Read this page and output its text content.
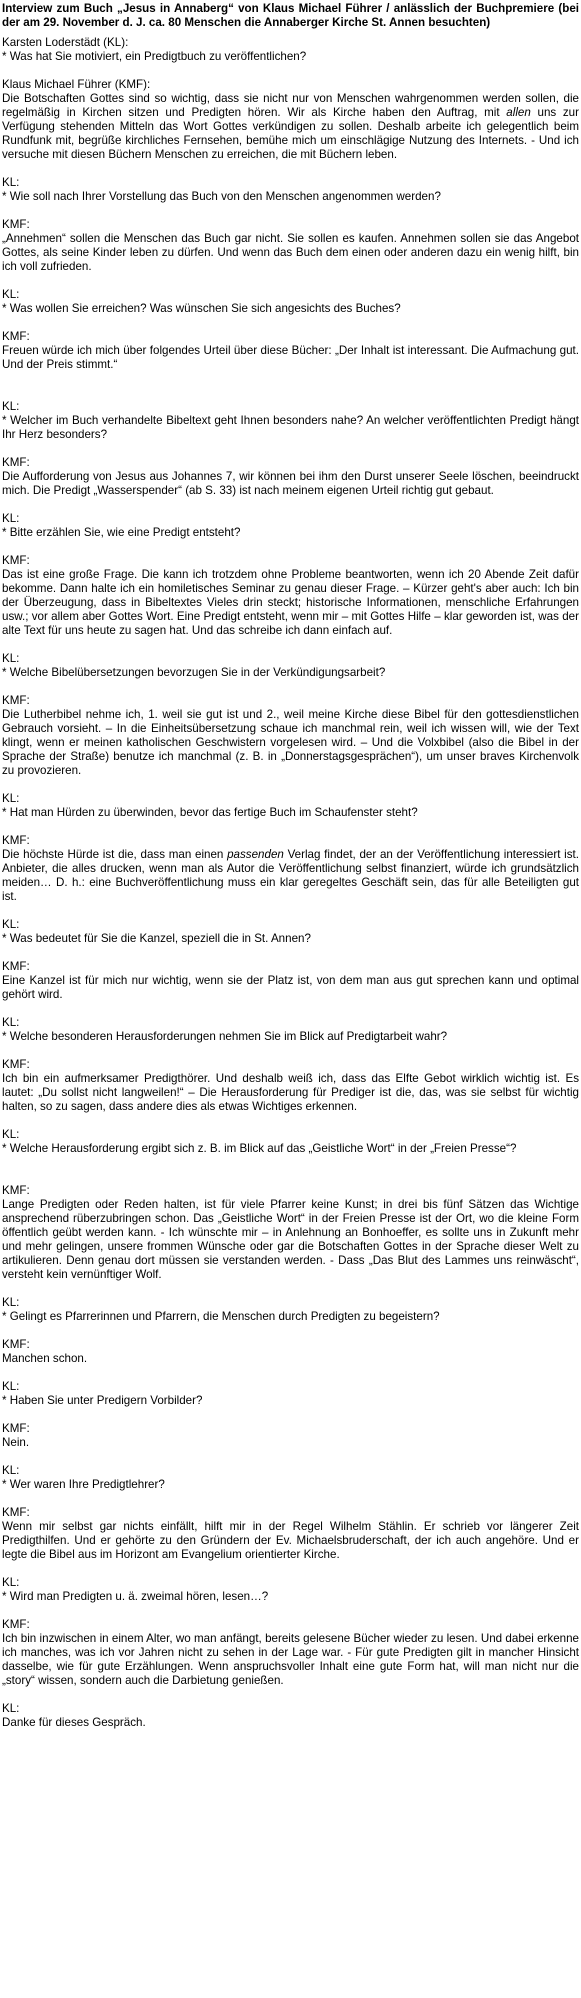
Interview zum Buch „Jesus in Annaberg“ von Klaus Michael Führer / anlässlich der Buchpremiere (bei der am 29. November d. J. ca. 80 Menschen die Annaberger Kirche St. Annen besuchten)
Karsten Loderstädt (KL):
* Was hat Sie motiviert, ein Predigtbuch zu veröffentlichen?
Klaus Michael Führer (KMF):
Die Botschaften Gottes sind so wichtig, dass sie nicht nur von Menschen wahrgenommen werden sollen, die regelmäßig in Kirchen sitzen und Predigten hören. Wir als Kirche haben den Auftrag, mit allen uns zur Verfügung stehenden Mitteln das Wort Gottes verkündigen zu sollen. Deshalb arbeite ich gelegentlich beim Rundfunk mit, begrüße kirchliches Fernsehen, bemühe mich um einschlägige Nutzung des Internets. - Und ich versuche mit diesen Büchern Menschen zu erreichen, die mit Büchern leben.
KL:
* Wie soll nach Ihrer Vorstellung das Buch von den Menschen angenommen werden?
KMF:
„Annehmen“ sollen die Menschen das Buch gar nicht. Sie sollen es kaufen. Annehmen sollen sie das Angebot Gottes, als seine Kinder leben zu dürfen. Und wenn das Buch dem einen oder anderen dazu ein wenig hilft, bin ich voll zufrieden.
KL:
* Was wollen Sie erreichen? Was wünschen Sie sich angesichts des Buches?
KMF:
Freuen würde ich mich über folgendes Urteil über diese Bücher: „Der Inhalt ist interessant. Die Aufmachung gut. Und der Preis stimmt.“
KL:
* Welcher im Buch verhandelte Bibeltext geht Ihnen besonders nahe? An welcher veröffentlichten Predigt hängt Ihr Herz besonders?
KMF:
Die Aufforderung von Jesus aus Johannes 7, wir können bei ihm den Durst unserer Seele löschen, beeindruckt mich. Die Predigt „Wasserspender“ (ab S. 33) ist nach meinem eigenen Urteil richtig gut gebaut.
KL:
* Bitte erzählen Sie, wie eine Predigt entsteht?
KMF:
Das ist eine große Frage. Die kann ich trotzdem ohne Probleme beantworten, wenn ich 20 Abende Zeit dafür bekomme. Dann halte ich ein homiletisches Seminar zu genau dieser Frage. – Kürzer geht's aber auch: Ich bin der Überzeugung, dass in Bibeltextes Vieles drin steckt; historische Informationen, menschliche Erfahrungen usw.; vor allem aber Gottes Wort. Eine Predigt entsteht, wenn mir – mit Gottes Hilfe – klar geworden ist, was der alte Text für uns heute zu sagen hat. Und das schreibe ich dann einfach auf.
KL:
* Welche Bibelübersetzungen bevorzugen Sie in der Verkündigungsarbeit?
KMF:
Die Lutherbibel nehme ich, 1. weil sie gut ist und 2., weil meine Kirche diese Bibel für den gottesdienstlichen Gebrauch vorsieht. – In die Einheitsübersetzung schaue ich manchmal rein, weil ich wissen will, wie der Text klingt, wenn er meinen katholischen Geschwistern vorgelesen wird. – Und die Volxbibel (also die Bibel in der Sprache der Straße) benutze ich manchmal (z. B. in „Donnerstagsgesprächen“), um unser braves Kirchenvolk zu provozieren.
KL:
* Hat man Hürden zu überwinden, bevor das fertige Buch im Schaufenster steht?
KMF:
Die höchste Hürde ist die, dass man einen passenden Verlag findet, der an der Veröffentlichung interessiert ist. Anbieter, die alles drucken, wenn man als Autor die Veröffentlichung selbst finanziert, würde ich grundsätzlich meiden… D. h.: eine Buchveröffentlichung muss ein klar geregeltes Geschäft sein, das für alle Beteiligten gut ist.
KL:
* Was bedeutet für Sie die Kanzel, speziell die in St. Annen?
KMF:
Eine Kanzel ist für mich nur wichtig, wenn sie der Platz ist, von dem man aus gut sprechen kann und optimal gehört wird.
KL:
* Welche besonderen Herausforderungen nehmen Sie im Blick auf Predigtarbeit wahr?
KMF:
Ich bin ein aufmerksamer Predigthörer. Und deshalb weiß ich, dass das Elfte Gebot wirklich wichtig ist. Es lautet: „Du sollst nicht langweilen!“ – Die Herausforderung für Prediger ist die, das, was sie selbst für wichtig halten, so zu sagen, dass andere dies als etwas Wichtiges erkennen.
KL:
* Welche Herausforderung ergibt sich z. B. im Blick auf das „Geistliche Wort“ in der „Freien Presse“?
KMF:
Lange Predigten oder Reden halten, ist für viele Pfarrer keine Kunst; in drei bis fünf Sätzen das Wichtige ansprechend rüberzubringen schon. Das „Geistliche Wort“ in der Freien Presse ist der Ort, wo die kleine Form öffentlich geübt werden kann. - Ich wünschte mir – in Anlehnung an Bonhoeffer, es sollte uns in Zukunft mehr und mehr gelingen, unsere frommen Wünsche oder gar die Botschaften Gottes in der Sprache dieser Welt zu artikulieren. Denn genau dort müssen sie verstanden werden. - Dass „Das Blut des Lammes uns reinwäscht“, versteht kein vernünftiger Wolf.
KL:
* Gelingt es Pfarrerinnen und Pfarrern, die Menschen durch Predigten zu begeistern?
KMF:
Manchen schon.
KL:
* Haben Sie unter Predigern Vorbilder?
KMF:
Nein.
KL:
* Wer waren Ihre Predigtlehrer?
KMF:
Wenn mir selbst gar nichts einfällt, hilft mir in der Regel Wilhelm Stählin. Er schrieb vor längerer Zeit Predigthilfen. Und er gehörte zu den Gründern der Ev. Michaelsbruderschaft, der ich auch angehöre. Und er legte die Bibel aus im Horizont am Evangelium orientierter Kirche.
KL:
* Wird man Predigten u. ä. zweimal hören, lesen…?
KMF:
Ich bin inzwischen in einem Alter, wo man anfängt, bereits gelesene Bücher wieder zu lesen. Und dabei erkenne ich manches, was ich vor Jahren nicht zu sehen in der Lage war. - Für gute Predigten gilt in mancher Hinsicht dasselbe, wie für gute Erzählungen. Wenn anspruchsvoller Inhalt eine gute Form hat, will man nicht nur die „story“ wissen, sondern auch die Darbietung genießen.
KL:
Danke für dieses Gespräch.
